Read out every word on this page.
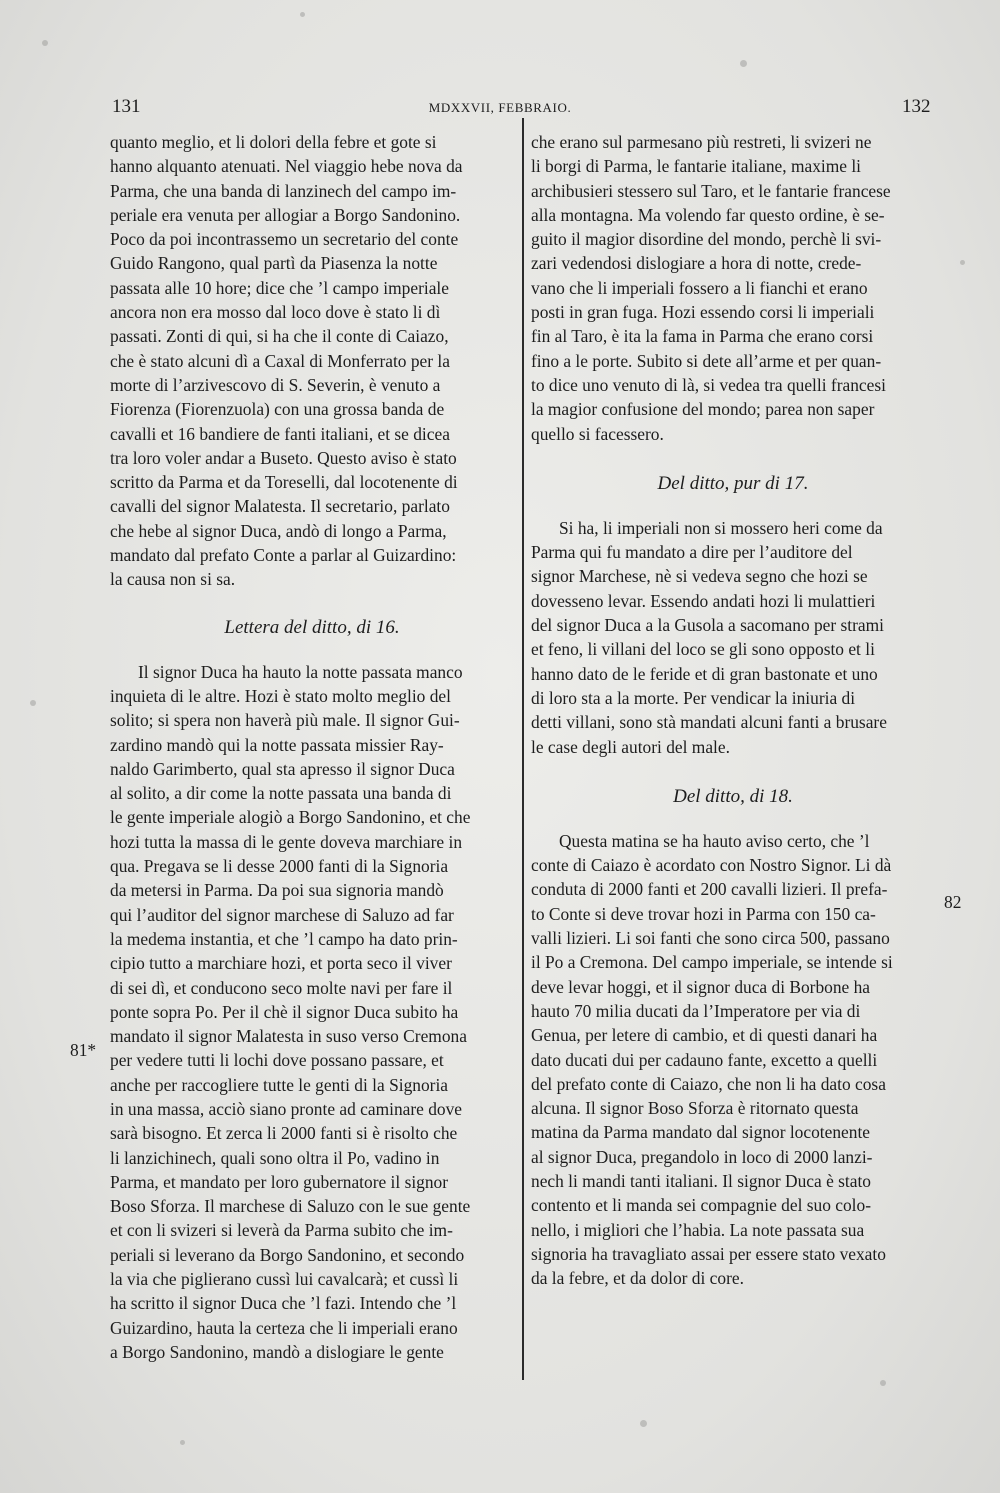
131	MDXXVII, FEBBRAIO.	132

quanto meglio, et li dolori della febre et gote si
hanno alquanto atenuati. Nel viaggio hebe nova da
Parma, che una banda di lanzinech del campo im-
periale era venuta per allogiar a Borgo Sandonino.
Poco da poi incontrassemo un secretario del conte
Guido Rangono, qual partì da Piasenza la notte
passata alle 10 hore; dice che ’l campo imperiale
ancora non era mosso dal loco dove è stato li dì
passati. Zonti di qui, si ha che il conte di Caiazo,
che è stato alcuni dì a Caxal di Monferrato per la
morte di l’arzivescovo di S. Severin, è venuto a
Fiorenza (Fiorenzuola) con una grossa banda de
cavalli et 16 bandiere de fanti italiani, et se dicea
tra loro voler andar a Buseto. Questo aviso è stato
scritto da Parma et da Toreselli, dal locotenente di
cavalli del signor Malatesta. Il secretario, parlato
che hebe al signor Duca, andò di longo a Parma,
mandato dal prefato Conte a parlar al Guizardino:
la causa non si sa.

Lettera del ditto, di 16.

Il signor Duca ha hauto la notte passata manco
inquieta di le altre. Hozi è stato molto meglio del
solito; si spera non haverà più male. Il signor Gui-
zardino mandò qui la notte passata missier Ray-
naldo Garimberto, qual sta apresso il signor Duca
al solito, a dir come la notte passata una banda di
le gente imperiale alogiò a Borgo Sandonino, et che
hozi tutta la massa di le gente doveva marchiare in
qua. Pregava se li desse 2000 fanti di la Signoria
da metersi in Parma. Da poi sua signoria mandò
qui l’auditor del signor marchese di Saluzo ad far
la medema instantia, et che ’l campo ha dato prin-
cipio tutto a marchiare hozi, et porta seco il viver
di sei dì, et conducono seco molte navi per fare il
ponte sopra Po. Per il chè il signor Duca subito ha
mandato il signor Malatesta in suso verso Cremona
per vedere tutti li lochi dove possano passare, et
anche per raccogliere tutte le genti di la Signoria
in una massa, acciò siano pronte ad caminare dove
sarà bisogno. Et zerca li 2000 fanti si è risolto che
li lanzichinech, quali sono oltra il Po, vadino in
Parma, et mandato per loro gubernatore il signor
Boso Sforza. Il marchese di Saluzo con le sue gente
et con li svizeri si leverà da Parma subito che im-
periali si leverano da Borgo Sandonino, et secondo
la via che piglierano cussì lui cavalcarà; et cussì li
ha scritto il signor Duca che ’l fazi. Intendo che ’l
Guizardino, hauta la certeza che li imperiali erano
a Borgo Sandonino, mandò a dislogiare le gente

che erano sul parmesano più restreti, li svizeri ne
li borgi di Parma, le fantarie italiane, maxime li
archibusieri stessero sul Taro, et le fantarie francese
alla montagna. Ma volendo far questo ordine, è se-
guito il magior disordine del mondo, perchè li svi-
zari vedendosi dislogiare a hora di notte, crede-
vano che li imperiali fossero a li fianchi et erano
posti in gran fuga. Hozi essendo corsi li imperiali
fin al Taro, è ita la fama in Parma che erano corsi
fino a le porte. Subito si dete all’arme et per quan-
to dice uno venuto di là, si vedea tra quelli francesi
la magior confusione del mondo; parea non saper
quello si facessero.

Del ditto, pur di 17.

Si ha, li imperiali non si mossero heri come da
Parma qui fu mandato a dire per l’auditore del
signor Marchese, nè si vedeva segno che hozi se
dovesseno levar. Essendo andati hozi li mulattieri
del signor Duca a la Gusola a sacomano per strami
et feno, li villani del loco se gli sono opposto et li
hanno dato de le feride et di gran bastonate et uno
di loro sta a la morte. Per vendicar la iniuria di
detti villani, sono stà mandati alcuni fanti a brusare
le case degli autori del male.

Del ditto, di 18.

Questa matina se ha hauto aviso certo, che ’l
conte di Caiazo è acordato con Nostro Signor. Li dà
conduta di 2000 fanti et 200 cavalli lizieri. Il prefa-
to Conte si deve trovar hozi in Parma con 150 ca-
valli lizieri. Li soi fanti che sono circa 500, passano
il Po a Cremona. Del campo imperiale, se intende si
deve levar hoggi, et il signor duca di Borbone ha
hauto 70 milia ducati da l’Imperatore per via di
Genua, per letere di cambio, et di questi danari ha
dato ducati dui per cadauno fante, excetto a quelli
del prefato conte di Caiazo, che non li ha dato cosa
alcuna. Il signor Boso Sforza è ritornato questa
matina da Parma mandato dal signor locotenente
al signor Duca, pregandolo in loco di 2000 lanzi-
nech li mandi tanti italiani. Il signor Duca è stato
contento et li manda sei compagnie del suo colo-
nello, i migliori che l’habia. La note passata sua
signoria ha travagliato assai per essere stato vexato
da la febre, et da dolor di core.

81*
82
